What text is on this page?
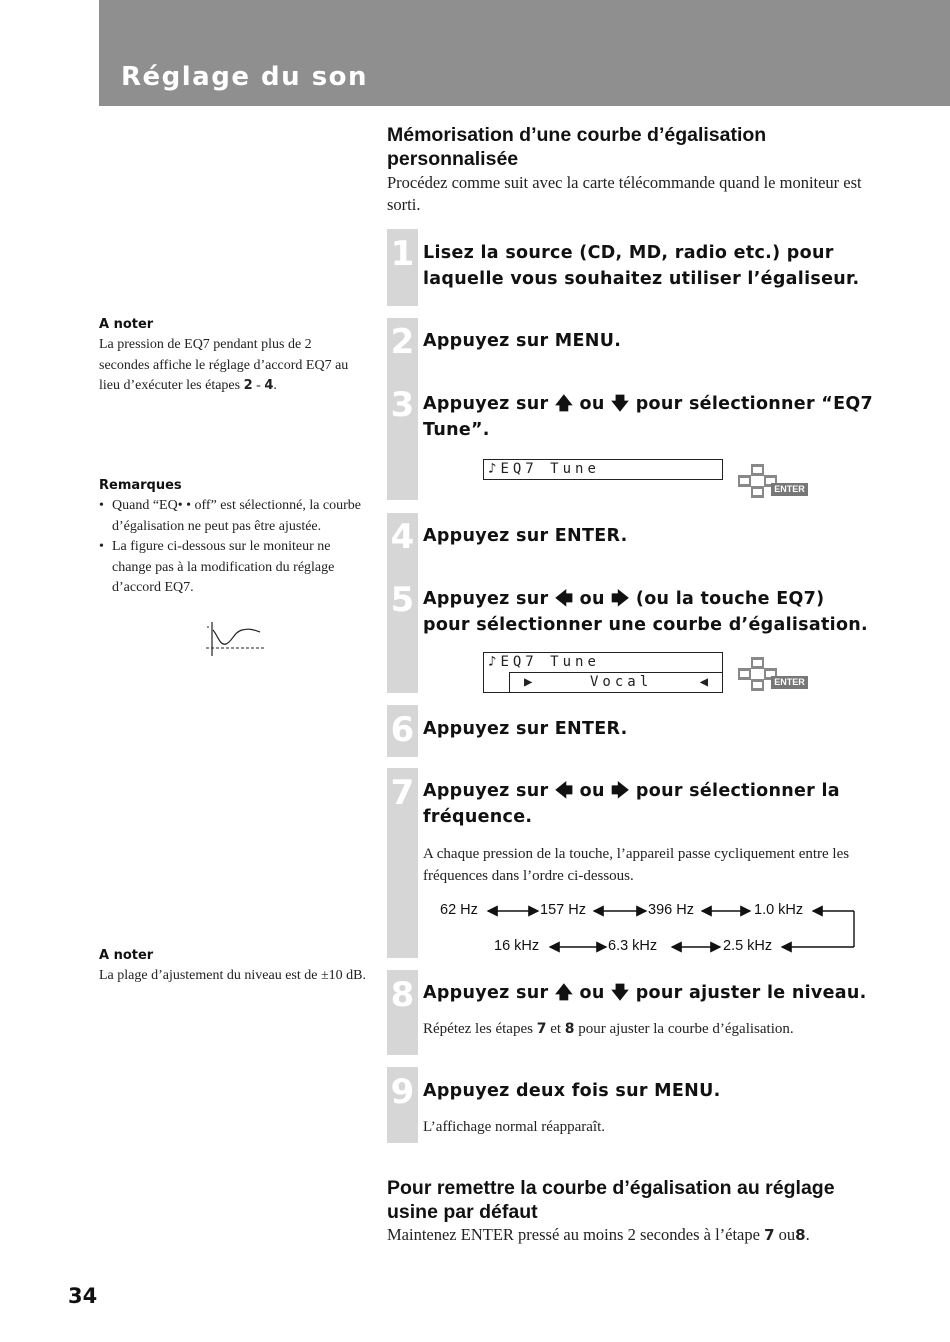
Réglage du son
Mémorisation d’une courbe d’égalisation personnalisée
Procédez comme suit avec la carte télécommande quand le moniteur est sorti.
1
2
3
4
5
6
7
8
9
Lisez la source (CD, MD, radio etc.) pour laquelle vous souhaitez utiliser l’égaliseur.
Appuyez sur MENU.
Appuyez sur 🡅 ou 🡇 pour sélectionner “EQ7 Tune”.
♪EQ7 Tune
ENTER
Appuyez sur ENTER.
Appuyez sur 🡄 ou 🡆 (ou la touche EQ7) pour sélectionner une courbe d’égalisation.
♪EQ7 Tune
▶	Vocal	◀	ENTER
Appuyez sur ENTER.
Appuyez sur 🡄 ou 🡆 pour sélectionner la fréquence.
A chaque pression de la touche, l’appareil passe cycliquement entre les fréquences dans l’ordre ci-dessous.
62 Hz	157 Hz	396 Hz	1.0 kHz
16 kHz	6.3 kHz	2.5 kHz
Appuyez sur 🡅 ou 🡇 pour ajuster le niveau.
Répétez les étapes 7 et 8 pour ajuster la courbe d’égalisation.
Appuyez deux fois sur MENU.
L’affichage normal réapparaît.
Pour remettre la courbe d’égalisation au réglage usine par défaut
Maintenez ENTER pressé au moins 2 secondes à l’étape 7 ou8.
A noter
La pression de EQ7 pendant plus de 2 secondes affiche le réglage d’accord EQ7 au lieu d’exécuter les étapes 2 - 4.
Remarques
• Quand “EQ• • off” est sélectionné, la courbe d’égalisation ne peut pas être ajustée.
• La figure ci-dessous sur le moniteur ne change pas à la modification du réglage d’accord EQ7.
A noter
La plage d’ajustement du niveau est de ±10 dB.
34
